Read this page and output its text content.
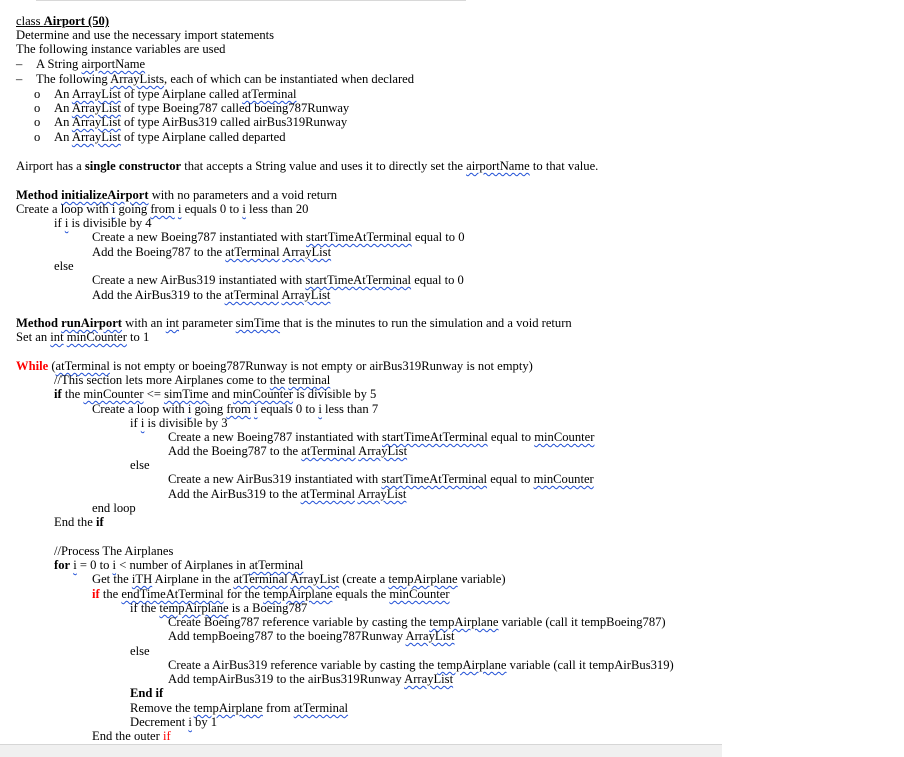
class Airport (50)
Determine and use the necessary import statements
The following instance variables are used
– A String airportName
– The following ArrayLists, each of which can be instantiated when declared
o An ArrayList of type Airplane called atTerminal
o An ArrayList of type Boeing787 called boeing787Runway
o An ArrayList of type AirBus319 called airBus319Runway
o An ArrayList of type Airplane called departed
Airport has a single constructor that accepts a String value and uses it to directly set the airportName to that value.
Method initializeAirport with no parameters and a void return
Create a loop with i going from i equals 0 to i less than 20
if i is divisible by 4
Create a new Boeing787 instantiated with startTimeAtTerminal equal to 0
Add the Boeing787 to the atTerminal ArrayList
else
Create a new AirBus319 instantiated with startTimeAtTerminal equal to 0
Add the AirBus319 to the atTerminal ArrayList
Method runAirport with an int parameter simTime that is the minutes to run the simulation and a void return
Set an int minCounter to 1
While (atTerminal is not empty or boeing787Runway is not empty or airBus319Runway is not empty)
//This section lets more Airplanes come to the terminal
if the minCounter <= simTime and minCounter is divisible by 5
Create a loop with i going from i equals 0 to i less than 7
if i is divisible by 3
Create a new Boeing787 instantiated with startTimeAtTerminal equal to minCounter
Add the Boeing787 to the atTerminal ArrayList
else
Create a new AirBus319 instantiated with startTimeAtTerminal equal to minCounter
Add the AirBus319 to the atTerminal ArrayList
end loop
End the if
//Process The Airplanes
for i = 0 to i < number of Airplanes in atTerminal
Get the iTH Airplane in the atTerminal ArrayList (create a tempAirplane variable)
if the endTimeAtTerminal for the tempAirplane equals the minCounter
if the tempAirplane is a Boeing787
Create Boeing787 reference variable by casting the tempAirplane variable (call it tempBoeing787)
Add tempBoeing787 to the boeing787Runway ArrayList
else
Create a AirBus319 reference variable by casting the tempAirplane variable (call it tempAirBus319)
Add tempAirBus319 to the airBus319Runway ArrayList
End if
Remove the tempAirplane from atTerminal
Decrement i by 1
End the outer if
